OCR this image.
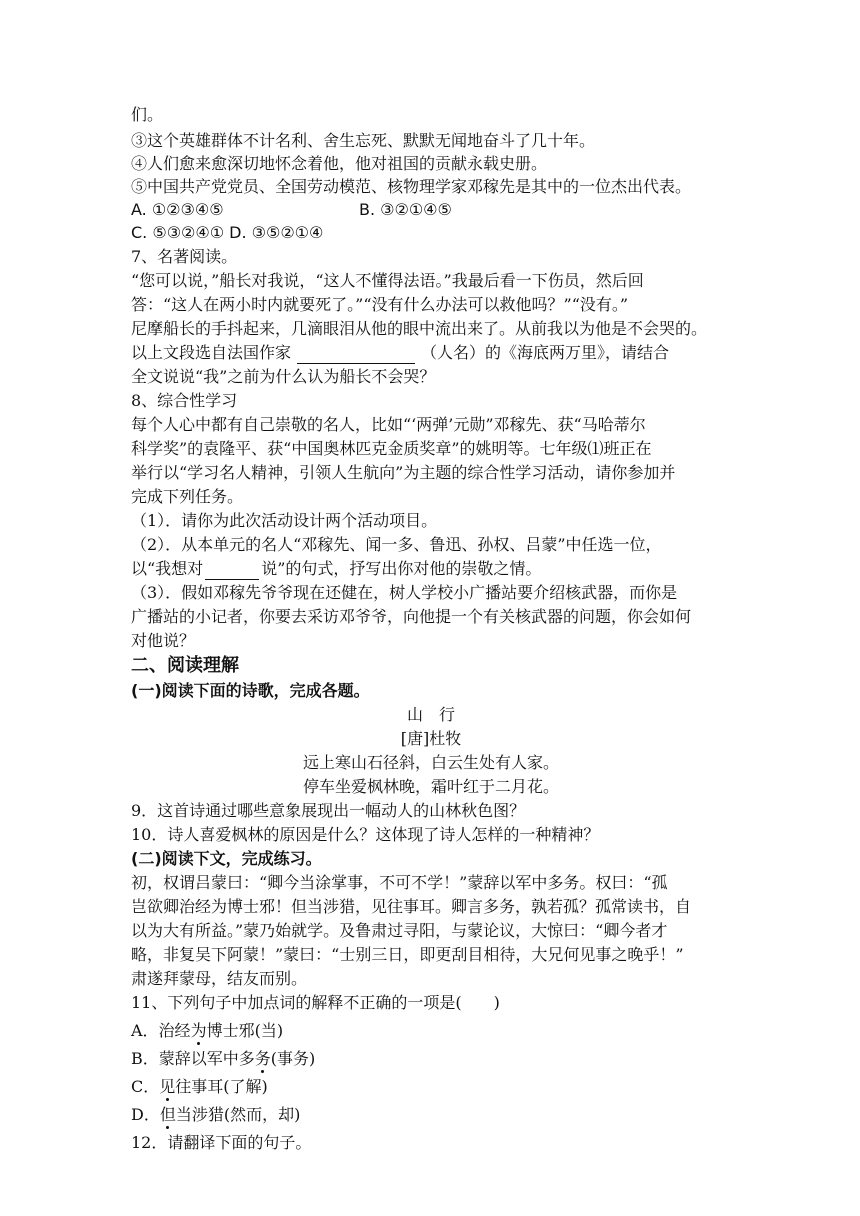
们。
③这个英雄群体不计名利、舍生忘死、默默无闻地奋斗了几十年。
④人们愈来愈深切地怀念着他，他对祖国的贡献永载史册。
⑤中国共产党党员、全国劳动模范、核物理学家邓稼先是其中的一位杰出代表。
A. ①②③④⑤	B. ③②①④⑤
C. ⑤③②④① D. ③⑤②①④
7、名著阅读。
“您可以说，”船长对我说，“这人不懂得法语。”我最后看一下伤员，然后回
答：“这人在两小时内就要死了。”“没有什么办法可以救他吗？”“没有。”
尼摩船长的手抖起来，几滴眼泪从他的眼中流出来了。从前我以为他是不会哭的。
以上文段选自法国作家	（人名）的《海底两万里》，请结合
全文说说“我”之前为什么认为船长不会哭？
8、综合性学习
每个人心中都有自己崇敬的名人，比如“‘两弹’元勋”邓稼先、获“马哈蒂尔
科学奖”的袁隆平、获“中国奥林匹克金质奖章”的姚明等。七年级⑴班正在
举行以“学习名人精神，引领人生航向”为主题的综合性学习活动，请你参加并
完成下列任务。
（1）．请你为此次活动设计两个活动项目。
（2）．从本单元的名人“邓稼先、闻一多、鲁迅、孙权、吕蒙”中任选一位，
以“我想对	说”的句式，抒写出你对他的崇敬之情。
（3）．假如邓稼先爷爷现在还健在，树人学校小广播站要介绍核武器，而你是
广播站的小记者，你要去采访邓爷爷，向他提一个有关核武器的问题，你会如何
对他说？
二、阅读理解
(一)阅读下面的诗歌，完成各题。
山　行
[唐]杜牧
远上寒山石径斜，白云生处有人家。
停车坐爱枫林晚，霜叶红于二月花。
9．这首诗通过哪些意象展现出一幅动人的山林秋色图？
10．诗人喜爱枫林的原因是什么？这体现了诗人怎样的一种精神？
(二)阅读下文，完成练习。
初，权谓吕蒙曰：“卿今当涂掌事，不可不学！”蒙辞以军中多务。权曰：“孤
岂欲卿治经为博士邪！但当涉猎，见往事耳。卿言多务，孰若孤？孤常读书，自
以为大有所益。”蒙乃始就学。及鲁肃过寻阳，与蒙论议，大惊曰：“卿今者才
略，非复吴下阿蒙！”蒙曰：“士别三日，即更刮目相待，大兄何见事之晚乎！”
肃遂拜蒙母，结友而别。
11、下列句子中加点词的解释不正确的一项是(　　)
A．治经为博士邪(当)
B．蒙辞以军中多务(事务)
C．见往事耳(了解)
D．但当涉猎(然而，却)
12．请翻译下面的句子。
